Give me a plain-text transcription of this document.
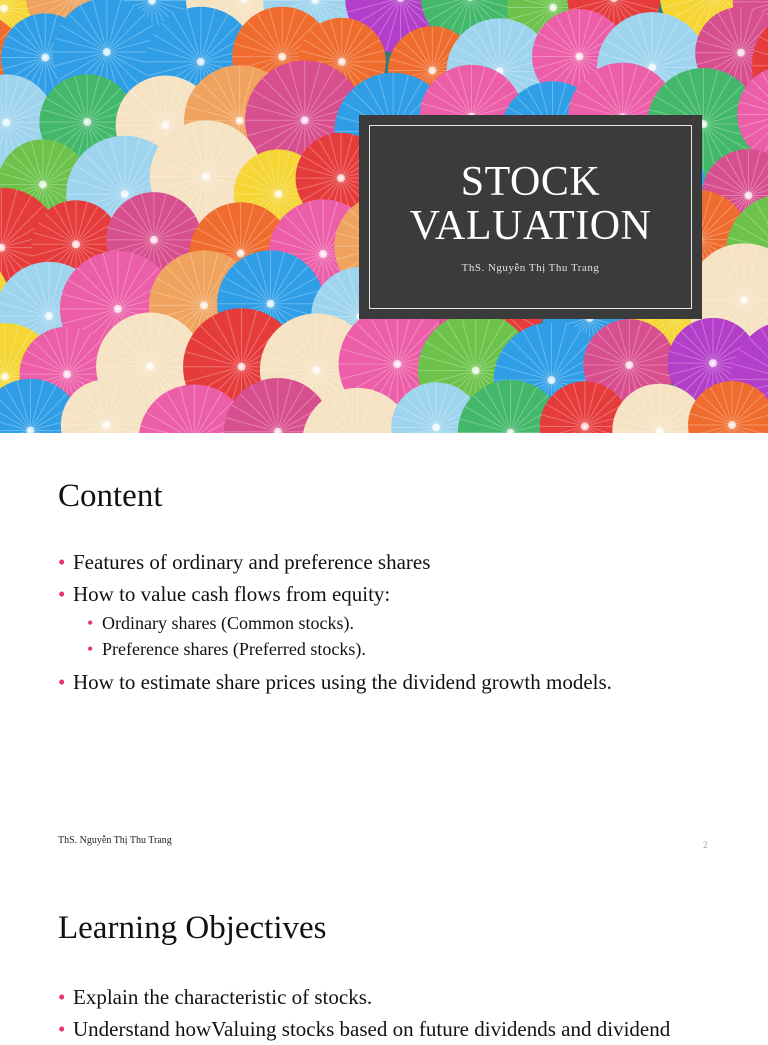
STOCK
VALUATION
ThS. Nguyễn Thị Thu Trang
Content
• Features of ordinary and preference shares
• How to value cash flows from equity:
• Ordinary shares (Common stocks).
• Preference shares (Preferred stocks).
• How to estimate share prices using the dividend growth models.
ThS. Nguyễn Thị Thu Trang	2
Learning Objectives
• Explain the characteristic of stocks.
• Understand howValuing stocks based on future dividends and dividend
